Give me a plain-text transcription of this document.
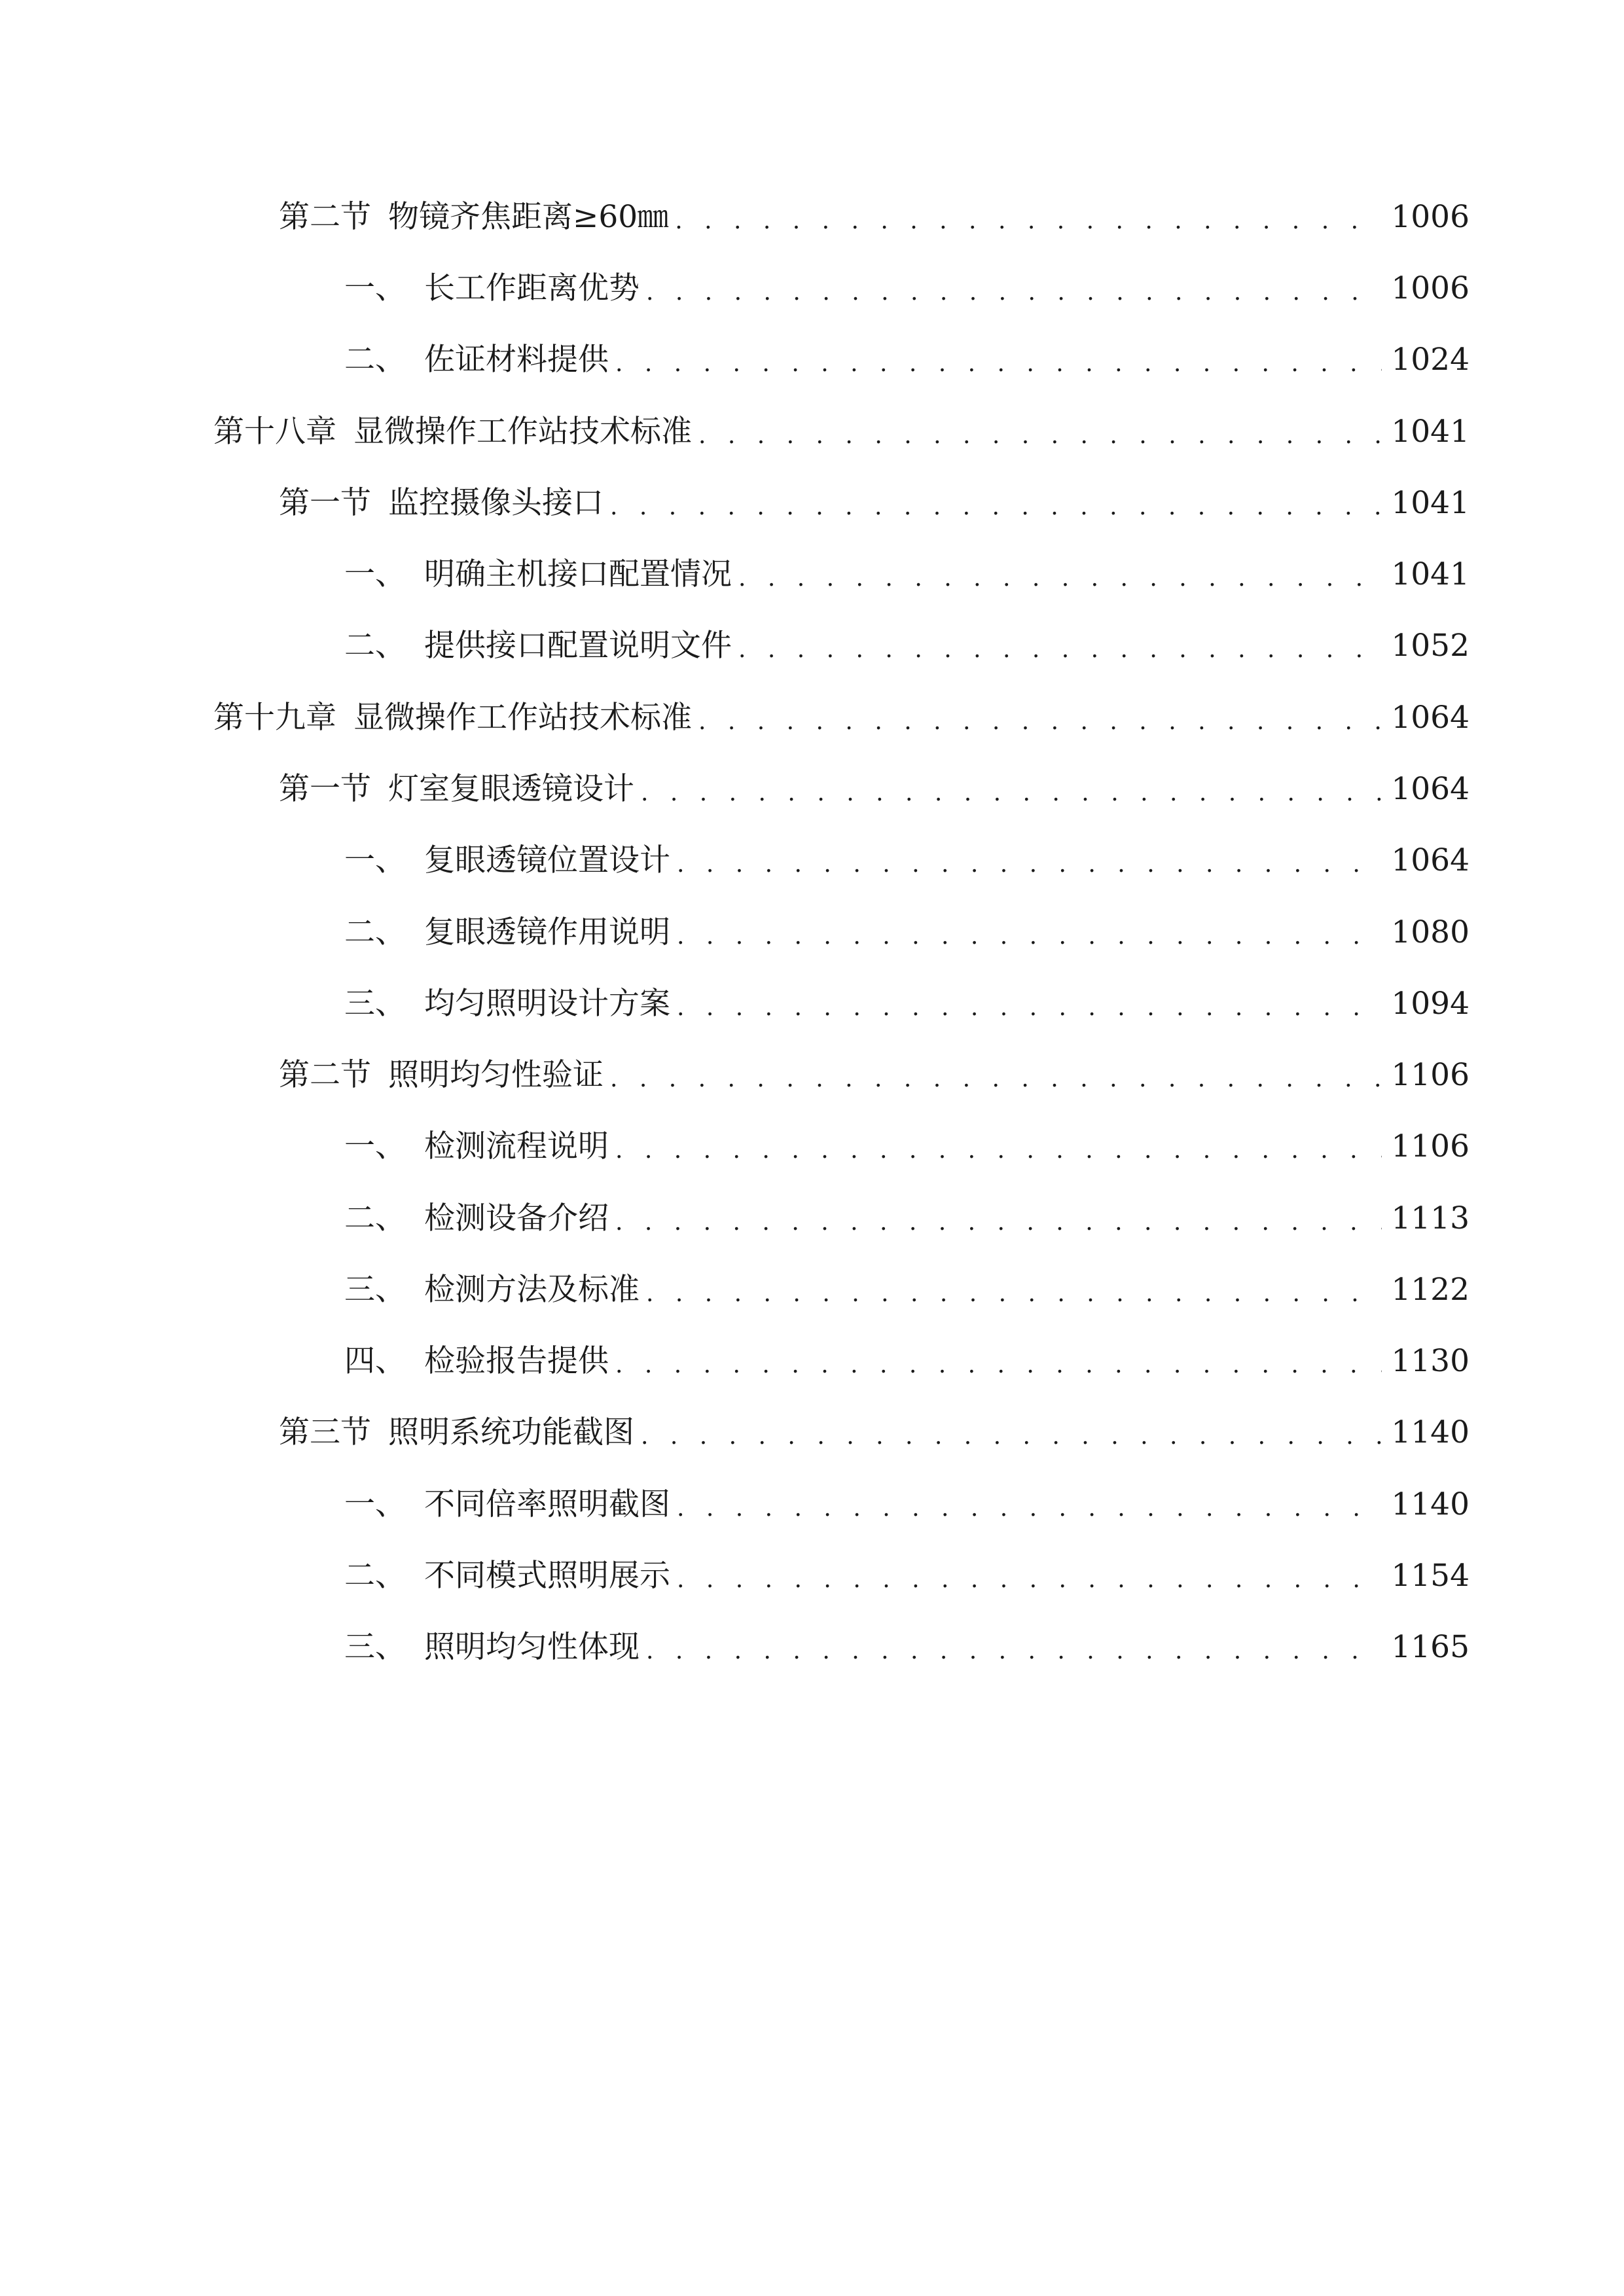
第二节 物镜齐焦距离≥60㎜ . . .	1006
一、 长工作距离优势 . . .	1006
二、 佐证材料提供 . . .	1024
第十八章 显微操作工作站技术标准 . . .	1041
第一节 监控摄像头接口 . . .	1041
一、 明确主机接口配置情况 . . .	1041
二、 提供接口配置说明文件 . . .	1052
第十九章 显微操作工作站技术标准 . . .	1064
第一节 灯室复眼透镜设计 . . .	1064
一、 复眼透镜位置设计 . . .	1064
二、 复眼透镜作用说明 . . .	1080
三、 均匀照明设计方案 . . .	1094
第二节 照明均匀性验证 . . .	1106
一、 检测流程说明 . . .	1106
二、 检测设备介绍 . . .	1113
三、 检测方法及标准 . . .	1122
四、 检验报告提供 . . .	1130
第三节 照明系统功能截图 . . .	1140
一、 不同倍率照明截图 . . .	1140
二、 不同模式照明展示 . . .	1154
三、 照明均匀性体现 . . .	1165
